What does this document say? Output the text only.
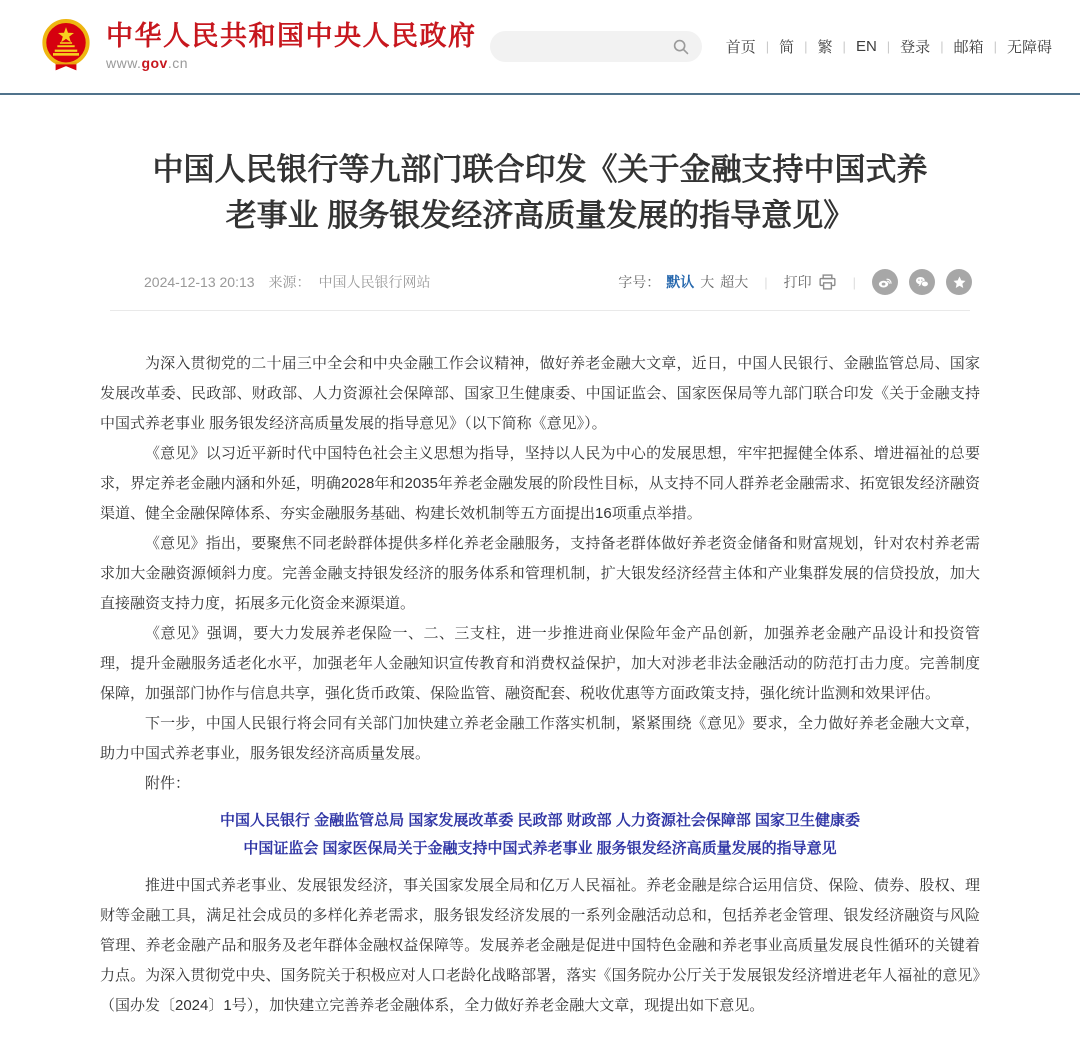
中华人民共和国中央人民政府
www.gov.cn
首页 | 简 | 繁 | EN | 登录 | 邮箱 | 无障碍
中国人民银行等九部门联合印发《关于金融支持中国式养老事业 服务银发经济高质量发展的指导意见》
2024-12-13 20:13 来源： 中国人民银行网站	字号： 默认 大 超大 | 打印	|

为深入贯彻党的二十届三中全会和中央金融工作会议精神，做好养老金融大文章，近日，中国人民银行、金融监管总局、国家发展改革委、民政部、财政部、人力资源社会保障部、国家卫生健康委、中国证监会、国家医保局等九部门联合印发《关于金融支持中国式养老事业 服务银发经济高质量发展的指导意见》（以下简称《意见》）。

《意见》以习近平新时代中国特色社会主义思想为指导，坚持以人民为中心的发展思想，牢牢把握健全体系、增进福祉的总要求，界定养老金融内涵和外延，明确2028年和2035年养老金融发展的阶段性目标，从支持不同人群养老金融需求、拓宽银发经济融资渠道、健全金融保障体系、夯实金融服务基础、构建长效机制等五方面提出16项重点举措。

《意见》指出，要聚焦不同老龄群体提供多样化养老金融服务，支持备老群体做好养老资金储备和财富规划，针对农村养老需求加大金融资源倾斜力度。完善金融支持银发经济的服务体系和管理机制，扩大银发经济经营主体和产业集群发展的信贷投放，加大直接融资支持力度，拓展多元化资金来源渠道。

《意见》强调，要大力发展养老保险一、二、三支柱，进一步推进商业保险年金产品创新，加强养老金融产品设计和投资管理，提升金融服务适老化水平，加强老年人金融知识宣传教育和消费权益保护，加大对涉老非法金融活动的防范打击力度。完善制度保障，加强部门协作与信息共享，强化货币政策、保险监管、融资配套、税收优惠等方面政策支持，强化统计监测和效果评估。

下一步，中国人民银行将会同有关部门加快建立养老金融工作落实机制，紧紧围绕《意见》要求，全力做好养老金融大文章，助力中国式养老事业，服务银发经济高质量发展。

附件：

中国人民银行 金融监管总局 国家发展改革委 民政部 财政部 人力资源社会保障部 国家卫生健康委
中国证监会 国家医保局关于金融支持中国式养老事业 服务银发经济高质量发展的指导意见

推进中国式养老事业、发展银发经济，事关国家发展全局和亿万人民福祉。养老金融是综合运用信贷、保险、债券、股权、理财等金融工具，满足社会成员的多样化养老需求，服务银发经济发展的一系列金融活动总和，包括养老金管理、银发经济融资与风险管理、养老金融产品和服务及老年群体金融权益保障等。发展养老金融是促进中国特色金融和养老事业高质量发展良性循环的关键着力点。为深入贯彻党中央、国务院关于积极应对人口老龄化战略部署，落实《国务院办公厅关于发展银发经济增进老年人福祉的意见》（国办发〔2024〕1号），加快建立完善养老金融体系，全力做好养老金融大文章，现提出如下意见。
